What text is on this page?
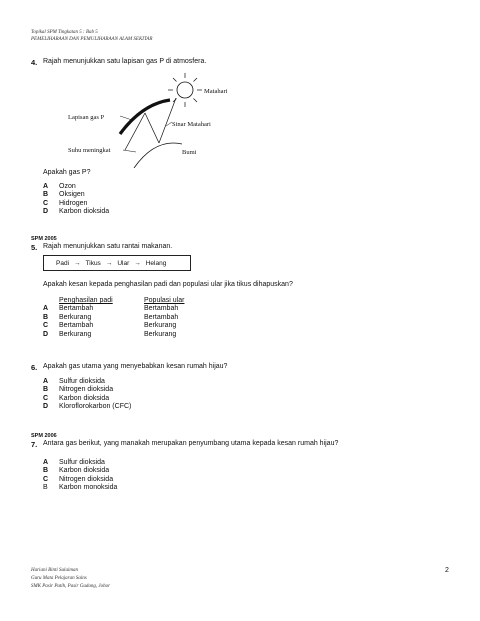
Topikal SPM Tingkatan 5 : Bab 5
PEMELIHARAAN DAN PEMULIHARAAN ALAM SEKITAR
4. Rajah menunjukkan satu lapisan gas P di atmosfera.
Matahari
Lapisan gas P
Sinar Matahari
Suhu meningkat	Bumi
Apakah gas P?
A	Ozon
B	Oksigen
C	Hidrogen
D	Karbon dioksida
SPM 2005
5. Rajah menunjukkan satu rantai makanan.
Padi → Tikus → Ular → Helang
Apakah kesan kepada penghasilan padi dan populasi ular jika tikus dihapuskan?
Penghasilan padi	Populasi ular
A	Bertambah	Bertambah
B	Berkurang	Bertambah
C	Bertambah	Berkurang
D	Berkurang	Berkurang
6. Apakah gas utama yang menyebabkan kesan rumah hijau?
A	Sulfur dioksida
B	Nitrogen dioksida
C	Karbon dioksida
D	Kloroflorokarbon (CFC)
SPM 2006
7. Antara gas berikut, yang manakah merupakan penyumbang utama kepada kesan rumah hijau?
A	Sulfur dioksida
B	Karbon dioksida
C	Nitrogen dioksida
B	Karbon monoksida
Hariani Binti Sulaiman
Guru Mata Pelajaran Sains
SMK Pasir Putih, Pasir Gudang, Johor
2
